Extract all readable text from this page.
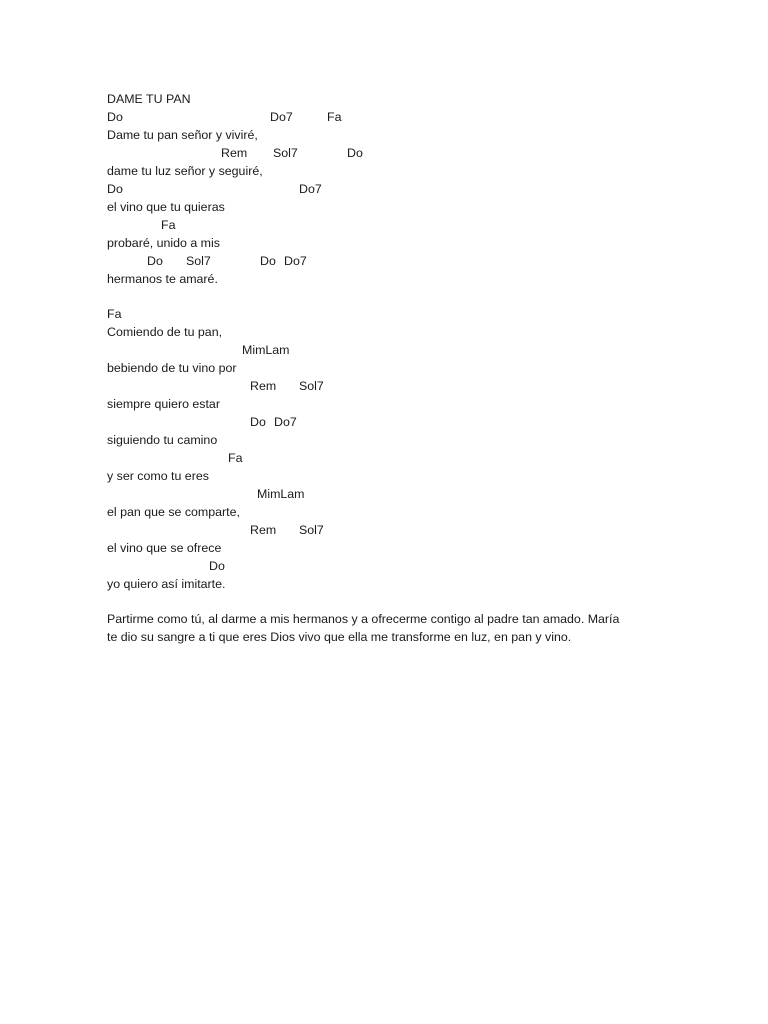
DAME TU PAN
Do	Do7	Fa
Dame tu pan señor y viviré,
Rem Sol7	Do
dame tu luz señor y seguiré,
Do	Do7
el vino que tu quieras
Fa
probaré, unido a mis
Do Sol7	Do Do7
hermanos te amaré.
Fa
Comiendo de tu pan,
MimLam
bebiendo de tu vino por
Rem Sol7
siempre quiero estar
Do Do7
siguiendo tu camino
Fa
y ser como tu eres
MimLam
el pan que se comparte,
Rem Sol7
el vino que se ofrece
Do
yo quiero así imitarte.
Partirme como tú, al darme a mis hermanos y a ofrecerme contigo al padre tan amado. María
te dio su sangre a ti que eres Dios vivo que ella me transforme en luz, en pan y vino.
